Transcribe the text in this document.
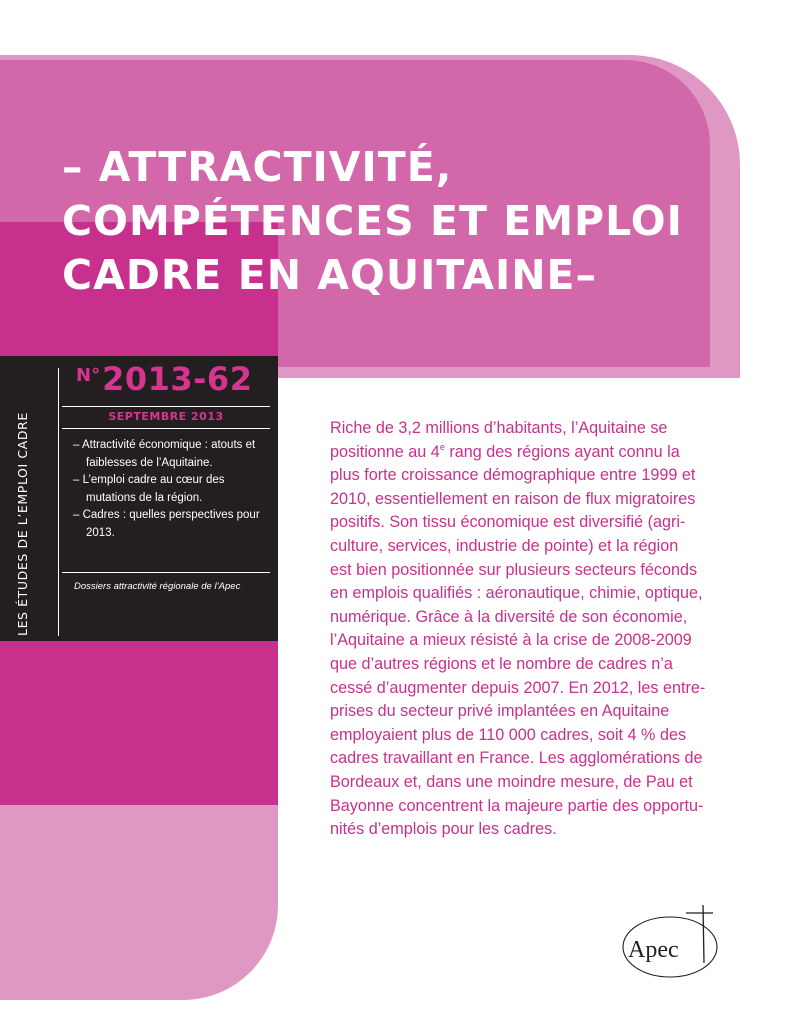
– ATTRACTIVITÉ,
COMPÉTENCES ET EMPLOI
CADRE EN AQUITAINE–
LES ÉTUDES DE L’EMPLOI CADRE
N°2013-62
SEPTEMBRE 2013
– Attractivité économique : atouts et faiblesses de l’Aquitaine.
– L’emploi cadre au cœur des mutations de la région.
– Cadres : quelles perspectives pour 2013.
Dossiers attractivité régionale de l’Apec

Riche de 3,2 millions d’habitants, l’Aquitaine se

positionne au 4e rang des régions ayant connu la

plus forte croissance démographique entre 1999 et

2010, essentiellement en raison de flux migratoires

positifs. Son tissu économique est diversifié (agri-

culture, services, industrie de pointe) et la région

est bien positionnée sur plusieurs secteurs féconds

en emplois qualifiés : aéronautique, chimie, optique,

numérique. Grâce à la diversité de son économie,

l’Aquitaine a mieux résisté à la crise de 2008-2009

que d’autres régions et le nombre de cadres n’a

cessé d’augmenter depuis 2007. En 2012, les entre-

prises du secteur privé implantées en Aquitaine

employaient plus de 110 000 cadres, soit 4 % des

cadres travaillant en France. Les agglomérations de

Bordeaux et, dans une moindre mesure, de Pau et

Bayonne concentrent la majeure partie des opportu-

nités d’emplois pour les cadres.

Apec
